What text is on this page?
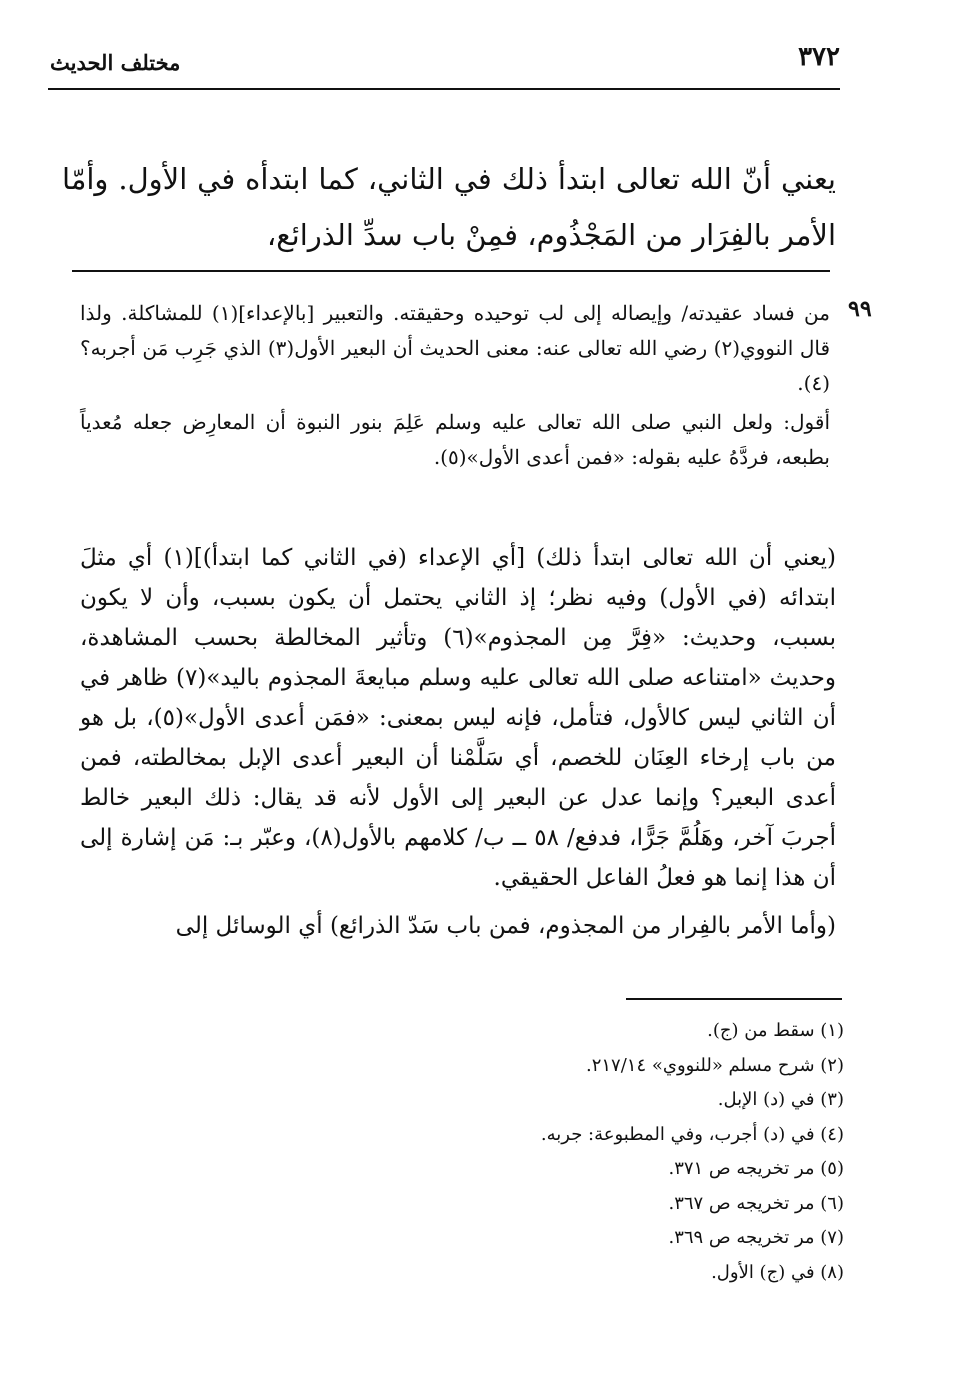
٣٧٢
مختلف الحديث

يعني أنّ الله تعالى ابتدأ ذلك في الثاني، كما ابتدأه في الأول. وأمّا الأمر بالفِرَار من المَجْذُوم، فمِنْ باب سدِّ الذرائع،

٩٩

من فساد عقيدته/ وإيصاله إلى لب توحيده وحقيقته. والتعبير [بالإعداء](١) للمشاكلة. ولذا قال النووي(٢) رضي الله تعالى عنه: معنى الحديث أن البعير الأول(٣) الذي جَرِب مَن أجربه؟(٤).

أقول: ولعل النبي صلى الله تعالى عليه وسلم عَلِمَ بنور النبوة أن المعارِض جعله مُعدياً بطبعه، فردَّهُ عليه بقوله: «فمن أعدى الأول»(٥).

(يعني أن الله تعالى ابتدأ ذلك) [أي الإعداء (في الثاني كما ابتدأ)](١) أي مثلَ ابتدائه (في الأول) وفيه نظر؛ إذ الثاني يحتمل أن يكون بسبب، وأن لا يكون بسبب، وحديث: «فِرَّ مِن المجذوم»(٦) وتأثير المخالطة بحسب المشاهدة، وحديث «امتناعه صلى الله تعالى عليه وسلم مبايعةَ المجذوم باليد»(٧) ظاهر في أن الثاني ليس كالأول، فتأمل، فإنه ليس بمعنى: «فمَن أعدى الأول»(٥)، بل هو من باب إرخاء العِنَان للخصم، أي سَلَّمْنا أن البعير أعدى الإبل بمخالطته، فمن أعدى البعير؟ وإنما عدل عن البعير إلى الأول لأنه قد يقال: ذلك البعير خالط أجربَ آخر، وهَلُمَّ جَرًّا، فدفع/ ٥٨ ــ ب/ كلامهم بالأول(٨)، وعبّر بـ: مَن إشارة إلى أن هذا إنما هو فعلُ الفاعل الحقيقي.

(وأما الأمر بالفِرار من المجذوم، فمن باب سَدّ الذرائع) أي الوسائل إلى

(١) سقط من (ج).
(٢) شرح مسلم «للنووي» ٢١٧/١٤.
(٣) في (د) الإبل.
(٤) في (د) أجرب، وفي المطبوعة: جربه.
(٥) مر تخريجه ص ٣٧١.
(٦) مر تخريجه ص ٣٦٧.
(٧) مر تخريجه ص ٣٦٩.
(٨) في (ج) الأول.
